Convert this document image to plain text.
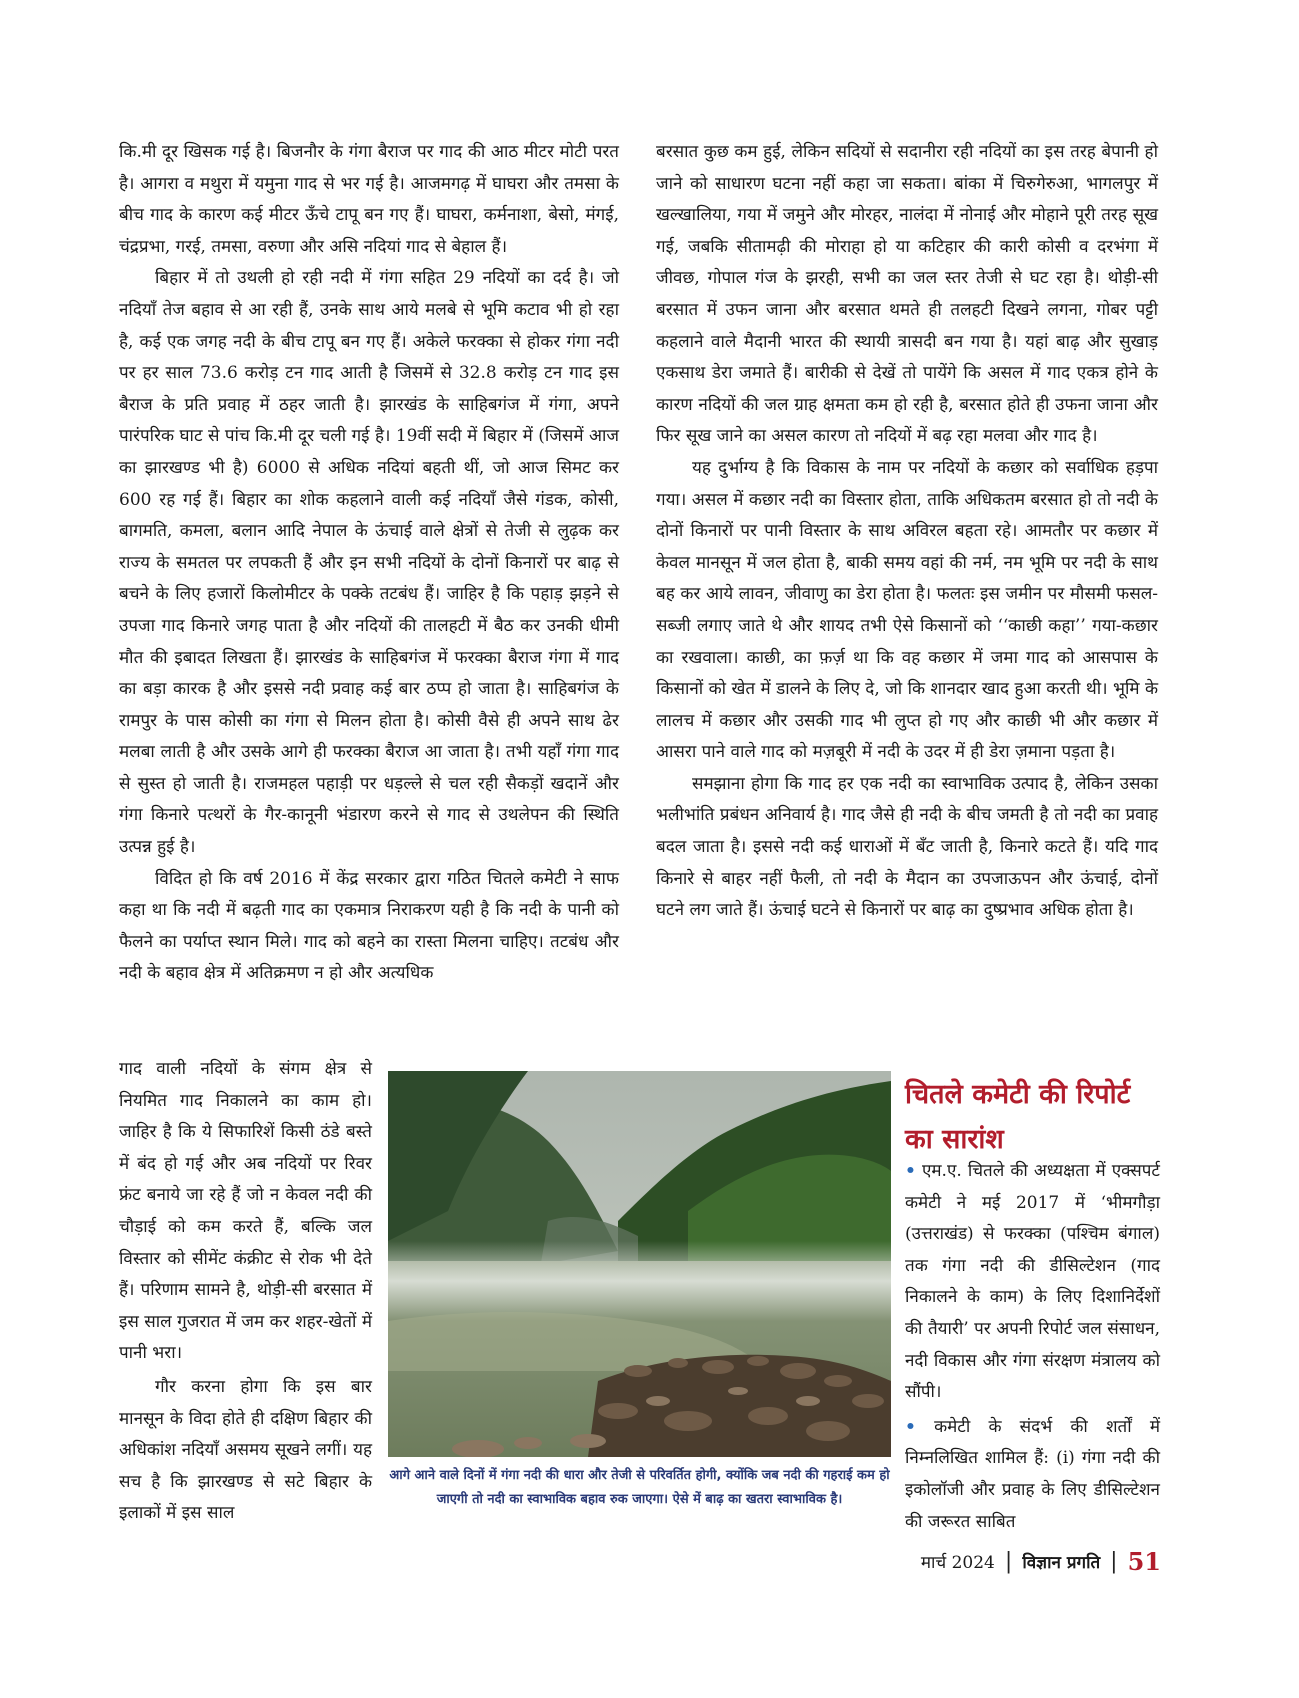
कि.मी दूर खिसक गई है। बिजनौर के गंगा बैराज पर गाद की आठ मीटर मोटी परत है। आगरा व मथुरा में यमुना गाद से भर गई है। आजमगढ़ में घाघरा और तमसा के बीच गाद के कारण कई मीटर ऊँचे टापू बन गए हैं। घाघरा, कर्मनाशा, बेसो, मंगई, चंद्रप्रभा, गरई, तमसा, वरुणा और असि नदियां गाद से बेहाल हैं।

बिहार में तो उथली हो रही नदी में गंगा सहित 29 नदियों का दर्द है। जो नदियाँ तेज बहाव से आ रही हैं, उनके साथ आये मलबे से भूमि कटाव भी हो रहा है, कई एक जगह नदी के बीच टापू बन गए हैं। अकेले फरक्का से होकर गंगा नदी पर हर साल 73.6 करोड़ टन गाद आती है जिसमें से 32.8 करोड़ टन गाद इस बैराज के प्रति प्रवाह में ठहर जाती है। झारखंड के साहिबगंज में गंगा, अपने पारंपरिक घाट से पांच कि.मी दूर चली गई है। 19वीं सदी में बिहार में (जिसमें आज का झारखण्ड भी है) 6000 से अधिक नदियां बहती थीं, जो आज सिमट कर 600 रह गई हैं। बिहार का शोक कहलाने वाली कई नदियाँ जैसे गंडक, कोसी, बागमति, कमला, बलान आदि नेपाल के ऊंचाई वाले क्षेत्रों से तेजी से लुढ़क कर राज्य के समतल पर लपकती हैं और इन सभी नदियों के दोनों किनारों पर बाढ़ से बचने के लिए हजारों किलोमीटर के पक्के तटबंध हैं। जाहिर है कि पहाड़ झड़ने से उपजा गाद किनारे जगह पाता है और नदियों की तालहटी में बैठ कर उनकी धीमी मौत की इबादत लिखता हैं। झारखंड के साहिबगंज में फरक्का बैराज गंगा में गाद का बड़ा कारक है और इससे नदी प्रवाह कई बार ठप्प हो जाता है। साहिबगंज के रामपुर के पास कोसी का गंगा से मिलन होता है। कोसी वैसे ही अपने साथ ढेर मलबा लाती है और उसके आगे ही फरक्का बैराज आ जाता है। तभी यहाँ गंगा गाद से सुस्त हो जाती है। राजमहल पहाड़ी पर धड़ल्ले से चल रही सैकड़ों खदानें और गंगा किनारे पत्थरों के गैर-कानूनी भंडारण करने से गाद से उथलेपन की स्थिति उत्पन्न हुई है।

विदित हो कि वर्ष 2016 में केंद्र सरकार द्वारा गठित चितले कमेटी ने साफ कहा था कि नदी में बढ़ती गाद का एकमात्र निराकरण यही है कि नदी के पानी को फैलने का पर्याप्त स्थान मिले। गाद को बहने का रास्ता मिलना चाहिए। तटबंध और नदी के बहाव क्षेत्र में अतिक्रमण न हो और अत्यधिक

गाद वाली नदियों के संगम क्षेत्र से नियमित गाद निकालने का काम हो। जाहिर है कि ये सिफारिशें किसी ठंडे बस्ते में बंद हो गई और अब नदियों पर रिवर फ्रंट बनाये जा रहे हैं जो न केवल नदी की चौड़ाई को कम करते हैं, बल्कि जल विस्तार को सीमेंट कंक्रीट से रोक भी देते हैं। परिणाम सामने है, थोड़ी-सी बरसात में इस साल गुजरात में जम कर शहर-खेतों में पानी भरा।

गौर करना होगा कि इस बार मानसून के विदा होते ही दक्षिण बिहार की अधिकांश नदियाँ असमय सूखने लगीं। यह सच है कि झारखण्ड से सटे बिहार के इलाकों में इस साल

बरसात कुछ कम हुई, लेकिन सदियों से सदानीरा रही नदियों का इस तरह बेपानी हो जाने को साधारण घटना नहीं कहा जा सकता। बांका में चिरुगेरुआ, भागलपुर में खल्खालिया, गया में जमुने और मोरहर, नालंदा में नोनाई और मोहाने पूरी तरह सूख गई, जबकि सीतामढ़ी की मोराहा हो या कटिहार की कारी कोसी व दरभंगा में जीवछ, गोपाल गंज के झरही, सभी का जल स्तर तेजी से घट रहा है। थोड़ी-सी बरसात में उफन जाना और बरसात थमते ही तलहटी दिखने लगना, गोबर पट्टी कहलाने वाले मैदानी भारत की स्थायी त्रासदी बन गया है। यहां बाढ़ और सुखाड़ एकसाथ डेरा जमाते हैं। बारीकी से देखें तो पायेंगे कि असल में गाद एकत्र होने के कारण नदियों की जल ग्राह क्षमता कम हो रही है, बरसात होते ही उफना जाना और फिर सूख जाने का असल कारण तो नदियों में बढ़ रहा मलवा और गाद है।

यह दुर्भाग्य है कि विकास के नाम पर नदियों के कछार को सर्वाधिक हड़पा गया। असल में कछार नदी का विस्तार होता, ताकि अधिकतम बरसात हो तो नदी के दोनों किनारों पर पानी विस्तार के साथ अविरल बहता रहे। आमतौर पर कछार में केवल मानसून में जल होता है, बाकी समय वहां की नर्म, नम भूमि पर नदी के साथ बह कर आये लावन, जीवाणु का डेरा होता है। फलतः इस जमीन पर मौसमी फसल-सब्जी लगाए जाते थे और शायद तभी ऐसे किसानों को ‘‘काछी कहा’’ गया-कछार का रखवाला। काछी, का फ़र्ज़ था कि वह कछार में जमा गाद को आसपास के किसानों को खेत में डालने के लिए दे, जो कि शानदार खाद हुआ करती थी। भूमि के लालच में कछार और उसकी गाद भी लुप्त हो गए और काछी भी और कछार में आसरा पाने वाले गाद को मज़बूरी में नदी के उदर में ही डेरा ज़माना पड़ता है।

समझाना होगा कि गाद हर एक नदी का स्वाभाविक उत्पाद है, लेकिन उसका भलीभांति प्रबंधन अनिवार्य है। गाद जैसे ही नदी के बीच जमती है तो नदी का प्रवाह बदल जाता है। इससे नदी कई धाराओं में बँट जाती है, किनारे कटते हैं। यदि गाद किनारे से बाहर नहीं फैली, तो नदी के मैदान का उपजाऊपन और ऊंचाई, दोनों घटने लग जाते हैं। ऊंचाई घटने से किनारों पर बाढ़ का दुष्प्रभाव अधिक होता है।

आगे आने वाले दिनों में गंगा नदी की धारा और तेजी से परिवर्तित होगी, क्योंकि जब नदी की गहराई कम हो जाएगी तो नदी का स्वाभाविक बहाव रुक जाएगा। ऐसे में बाढ़ का खतरा स्वाभाविक है।
चितले कमेटी की रिपोर्ट का सारांश

• एम.ए. चितले की अध्यक्षता में एक्सपर्ट कमेटी ने मई 2017 में ‘भीमगौड़ा (उत्तराखंड) से फरक्का (पश्चिम बंगाल) तक गंगा नदी की डीसिल्टेशन (गाद निकालने के काम) के लिए दिशानिर्देशों की तैयारी’ पर अपनी रिपोर्ट जल संसाधन, नदी विकास और गंगा संरक्षण मंत्रालय को सौंपी।

• कमेटी के संदर्भ की शर्तों में निम्नलिखित शामिल हैं: (i) गंगा नदी की इकोलॉजी और प्रवाह के लिए डीसिल्टेशन की जरूरत साबित

मार्च 2024 | विज्ञान प्रगति | 51
